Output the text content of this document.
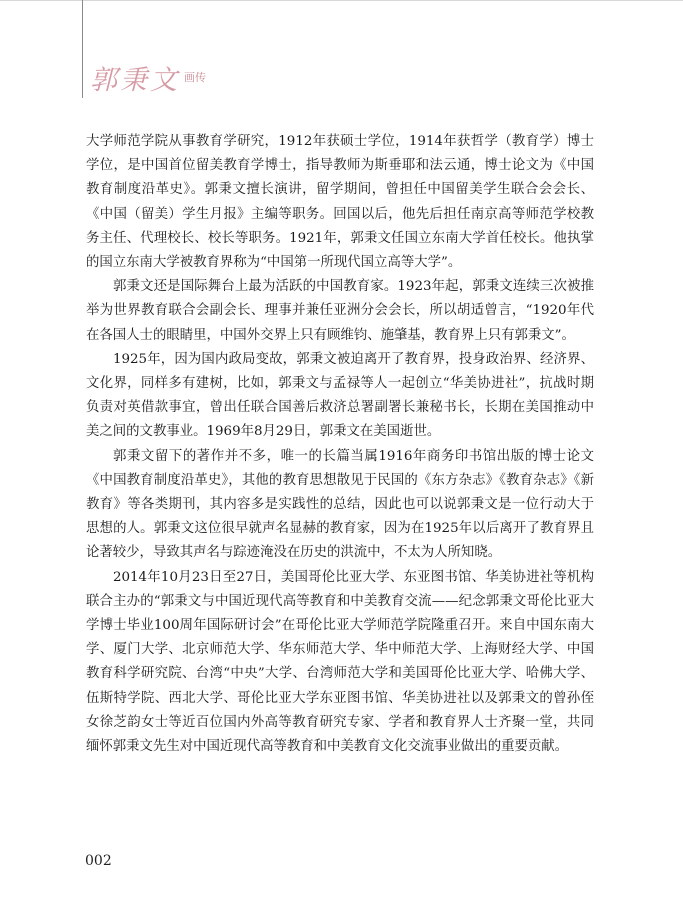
郭秉文 $^{画传}$

大学师范学院从事教育学研究，1912年获硕士学位，1914年获哲学（教育学）博士学位，是中国首位留美教育学博士，指导教师为斯垂耶和法云通，博士论文为《中国教育制度沿革史》。郭秉文擅长演讲，留学期间，曾担任中国留美学生联合会会长、《中国（留美）学生月报》主编等职务。回国以后，他先后担任南京高等师范学校教务主任、代理校长、校长等职务。1921年，郭秉文任国立东南大学首任校长。他执掌的国立东南大学被教育界称为“中国第一所现代国立高等大学”。

郭秉文还是国际舞台上最为活跃的中国教育家。1923年起，郭秉文连续三次被推举为世界教育联合会副会长、理事并兼任亚洲分会会长，所以胡适曾言，“1920年代在各国人士的眼睛里，中国外交界上只有顾维钧、施肇基，教育界上只有郭秉文”。

1925年，因为国内政局变故，郭秉文被迫离开了教育界，投身政治界、经济界、文化界，同样多有建树，比如，郭秉文与孟禄等人一起创立“华美协进社”，抗战时期负责对英借款事宜，曾出任联合国善后救济总署副署长兼秘书长，长期在美国推动中美之间的文教事业。1969年8月29日，郭秉文在美国逝世。

郭秉文留下的著作并不多，唯一的长篇当属1916年商务印书馆出版的博士论文《中国教育制度沿革史》，其他的教育思想散见于民国的《东方杂志》《教育杂志》《新教育》等各类期刊，其内容多是实践性的总结，因此也可以说郭秉文是一位行动大于思想的人。郭秉文这位很早就声名显赫的教育家，因为在1925年以后离开了教育界且论著较少，导致其声名与踪迹淹没在历史的洪流中，不太为人所知晓。

2014年10月23日至27日，美国哥伦比亚大学、东亚图书馆、华美协进社等机构联合主办的“郭秉文与中国近现代高等教育和中美教育交流——纪念郭秉文哥伦比亚大学博士毕业100周年国际研讨会”在哥伦比亚大学师范学院隆重召开。来自中国东南大学、厦门大学、北京师范大学、华东师范大学、华中师范大学、上海财经大学、中国教育科学研究院、台湾“中央”大学、台湾师范大学和美国哥伦比亚大学、哈佛大学、伍斯特学院、西北大学、哥伦比亚大学东亚图书馆、华美协进社以及郭秉文的曾孙侄女徐芝韵女士等近百位国内外高等教育研究专家、学者和教育界人士齐聚一堂，共同缅怀郭秉文先生对中国近现代高等教育和中美教育文化交流事业做出的重要贡献。

002
